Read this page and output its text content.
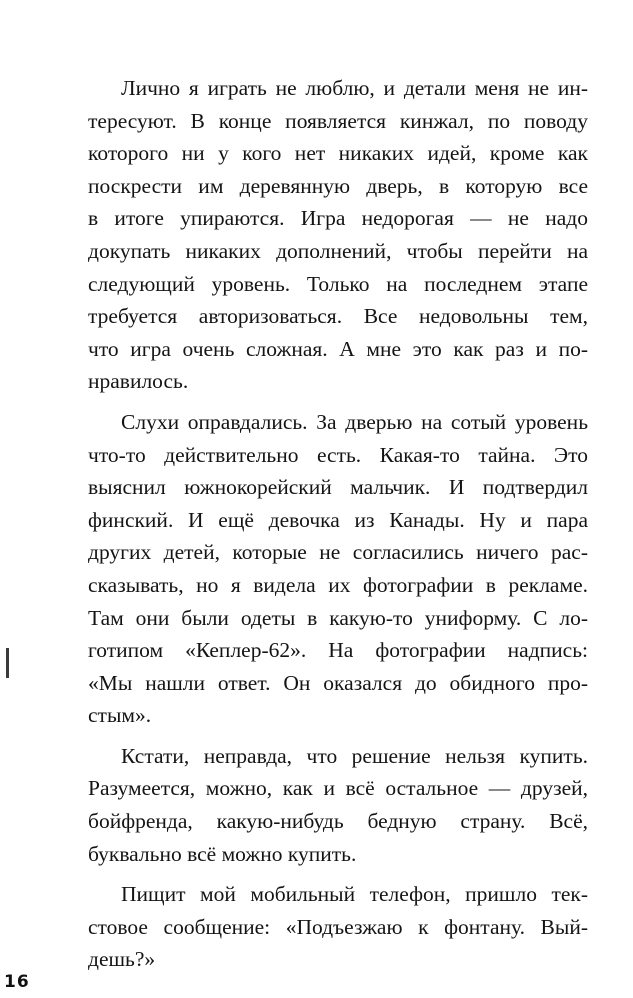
Лично я играть не люблю, и детали меня не ин-
тересуют. В конце появляется кинжал, по поводу
которого ни у кого нет никаких идей, кроме как
поскрести им деревянную дверь, в которую все
в итоге упираются. Игра недорогая — не надо
докупать никаких дополнений, чтобы перейти на
следующий уровень. Только на последнем этапе
требуется авторизоваться. Все недовольны тем,
что игра очень сложная. А мне это как раз и по-
нравилось.
Слухи оправдались. За дверью на сотый уровень
что-то действительно есть. Какая-то тайна. Это
выяснил южнокорейский мальчик. И подтвердил
финский. И ещё девочка из Канады. Ну и пара
других детей, которые не согласились ничего рас-
сказывать, но я видела их фотографии в рекламе.
Там они были одеты в какую-то униформу. С ло-
готипом «Кеплер-62». На фотографии надпись:
«Мы нашли ответ. Он оказался до обидного про-
стым».
Кстати, неправда, что решение нельзя купить.
Разумеется, можно, как и всё остальное — друзей,
бойфренда, какую-нибудь бедную страну. Всё,
буквально всё можно купить.
Пищит мой мобильный телефон, пришло тек-
стовое сообщение: «Подъезжаю к фонтану. Вый-
дешь?»
16
